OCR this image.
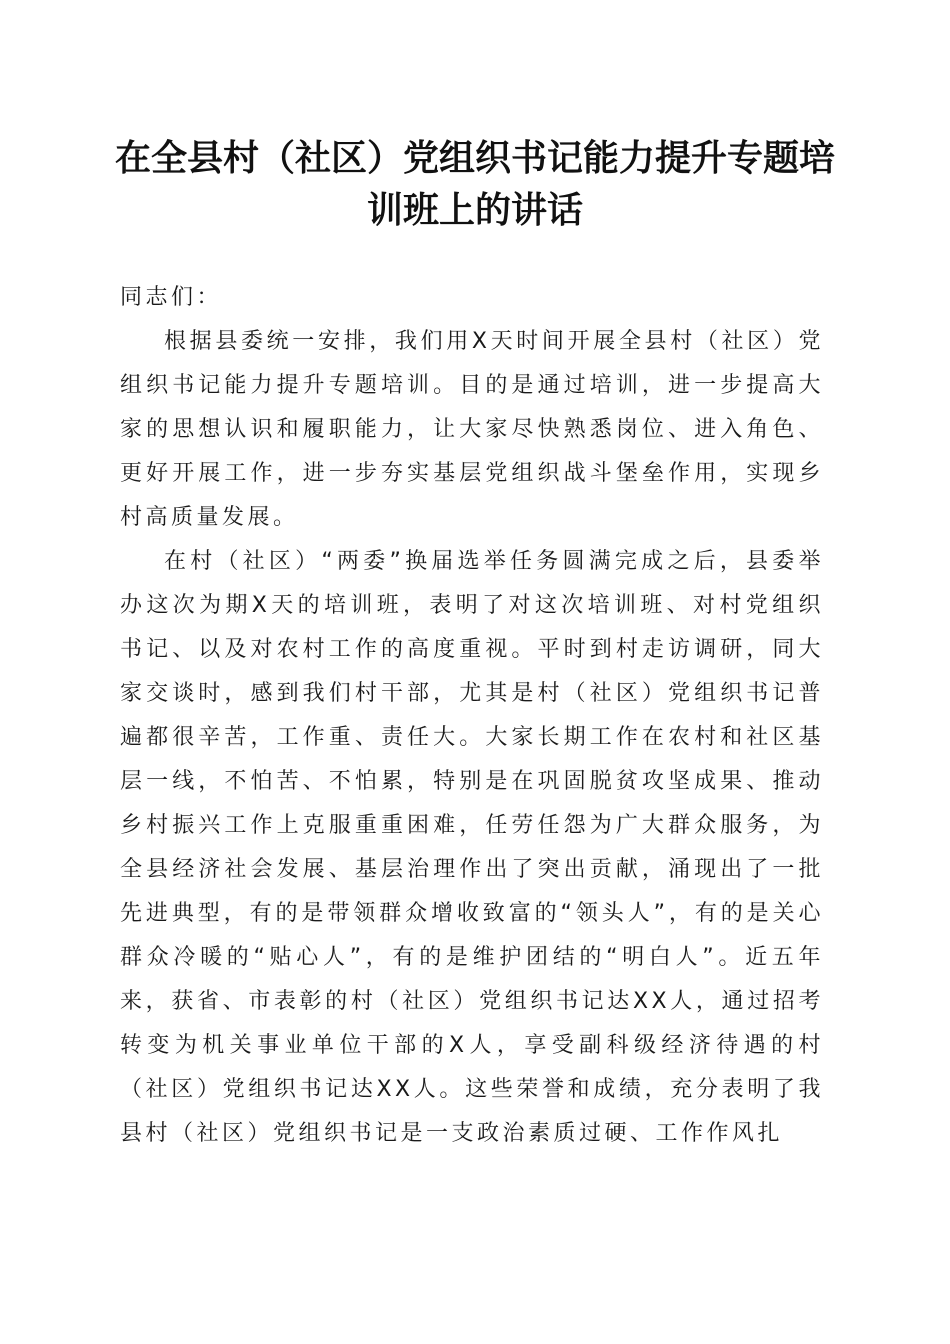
在全县村（社区）党组织书记能力提升专题培训班上的讲话

同志们：

根据县委统一安排，我们用X天时间开展全县村（社区）党组织书记能力提升专题培训。目的是通过培训，进一步提高大家的思想认识和履职能力，让大家尽快熟悉岗位、进入角色、更好开展工作，进一步夯实基层党组织战斗堡垒作用，实现乡村高质量发展。

在村（社区）“两委”换届选举任务圆满完成之后，县委举办这次为期X天的培训班，表明了对这次培训班、对村党组织书记、以及对农村工作的高度重视。平时到村走访调研，同大家交谈时，感到我们村干部，尤其是村（社区）党组织书记普遍都很辛苦，工作重、责任大。大家长期工作在农村和社区基层一线，不怕苦、不怕累，特别是在巩固脱贫攻坚成果、推动乡村振兴工作上克服重重困难，任劳任怨为广大群众服务，为全县经济社会发展、基层治理作出了突出贡献，涌现出了一批先进典型，有的是带领群众增收致富的“领头人”，有的是关心群众冷暖的“贴心人”，有的是维护团结的“明白人”。近五年来，获省、市表彰的村（社区）党组织书记达XX人，通过招考转变为机关事业单位干部的X人，享受副科级经济待遇的村（社区）党组织书记达XX人。这些荣誉和成绩，充分表明了我县村（社区）党组织书记是一支政治素质过硬、工作作风扎
